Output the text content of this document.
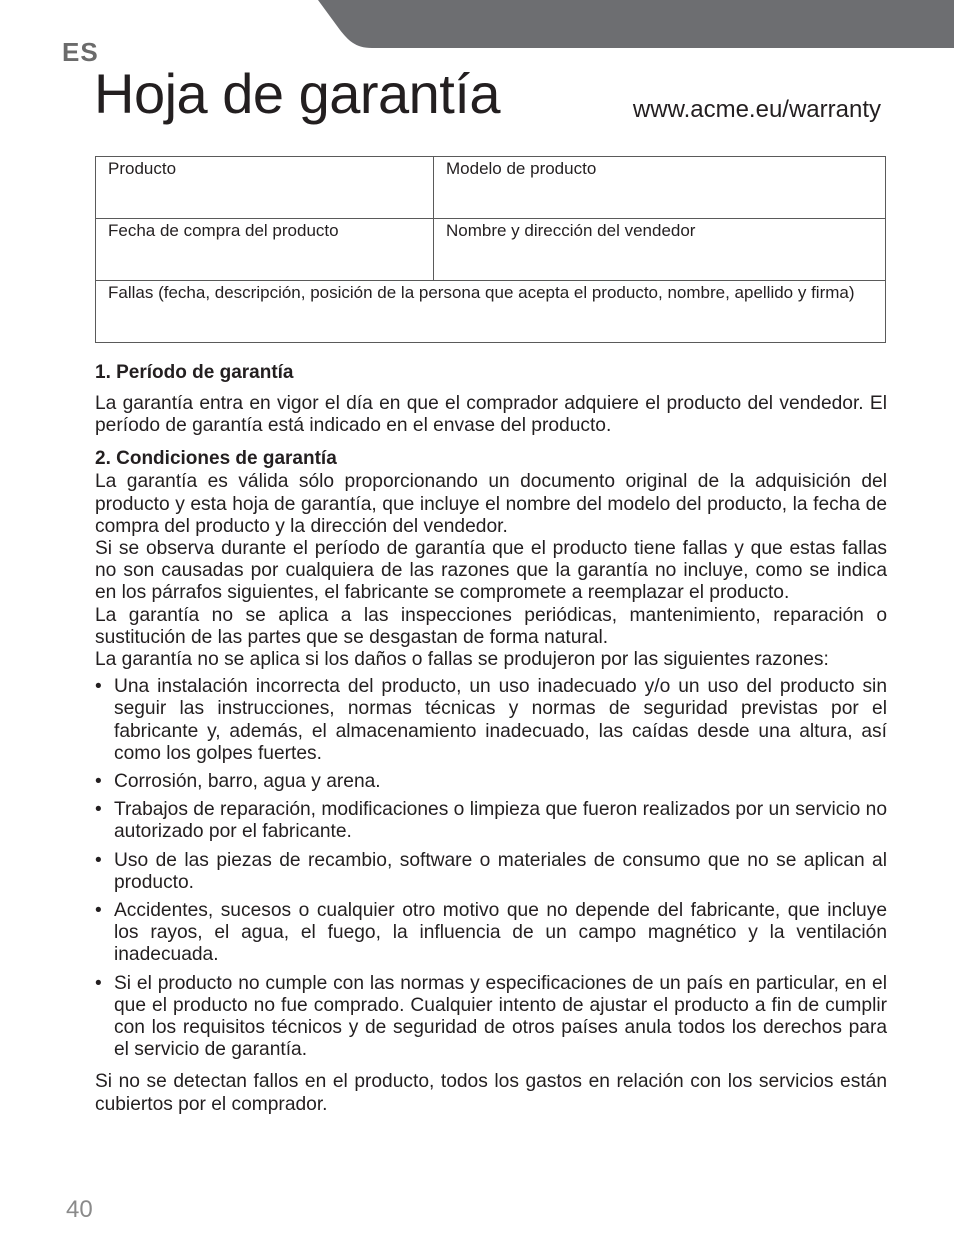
ES
Hoja de garantía	www.acme.eu/warranty
Producto	Modelo de producto
Fecha de compra del producto	Nombre y dirección del vendedor
Fallas (fecha, descripción, posición de la persona que acepta el producto, nombre, apellido y firma)	
1. Período de garantía

La garantía entra en vigor el día en que el comprador adquiere el producto del vendedor. El período de garantía está indicado en el envase del producto.

2. Condiciones de garantía

La garantía es válida sólo proporcionando un documento original de la adquisición del producto y esta hoja de garantía, que incluye el nombre del modelo del producto, la fecha de compra del producto y la dirección del vendedor.

Si se observa durante el período de garantía que el producto tiene fallas y que estas fallas no son causadas por cualquiera de las razones que la garantía no incluye, como se indica en los párrafos siguientes, el fabricante se compromete a reemplazar el producto.

La garantía no se aplica a las inspecciones periódicas, mantenimiento, reparación o sustitución de las partes que se desgastan de forma natural.

La garantía no se aplica si los daños o fallas se produjeron por las siguientes razones:

• Una instalación incorrecta del producto, un uso inadecuado y/o un uso del producto sin seguir las instrucciones, normas técnicas y normas de seguridad previstas por el fabricante y, además, el almacenamiento inadecuado, las caídas desde una altura, así como los golpes fuertes.
• Corrosión, barro, agua y arena.
• Trabajos de reparación, modificaciones o limpieza que fueron realizados por un servicio no autorizado por el fabricante.
• Uso de las piezas de recambio, software o materiales de consumo que no se aplican al producto.
• Accidentes, sucesos o cualquier otro motivo que no depende del fabricante, que incluye los rayos, el agua, el fuego, la influencia de un campo magnético y la ventilación inadecuada.
• Si el producto no cumple con las normas y especificaciones de un país en particular, en el que el producto no fue comprado. Cualquier intento de ajustar el producto a fin de cumplir con los requisitos técnicos y de seguridad de otros países anula todos los derechos para el servicio de garantía.

Si no se detectan fallos en el producto, todos los gastos en relación con los servicios están cubiertos por el comprador.

40
